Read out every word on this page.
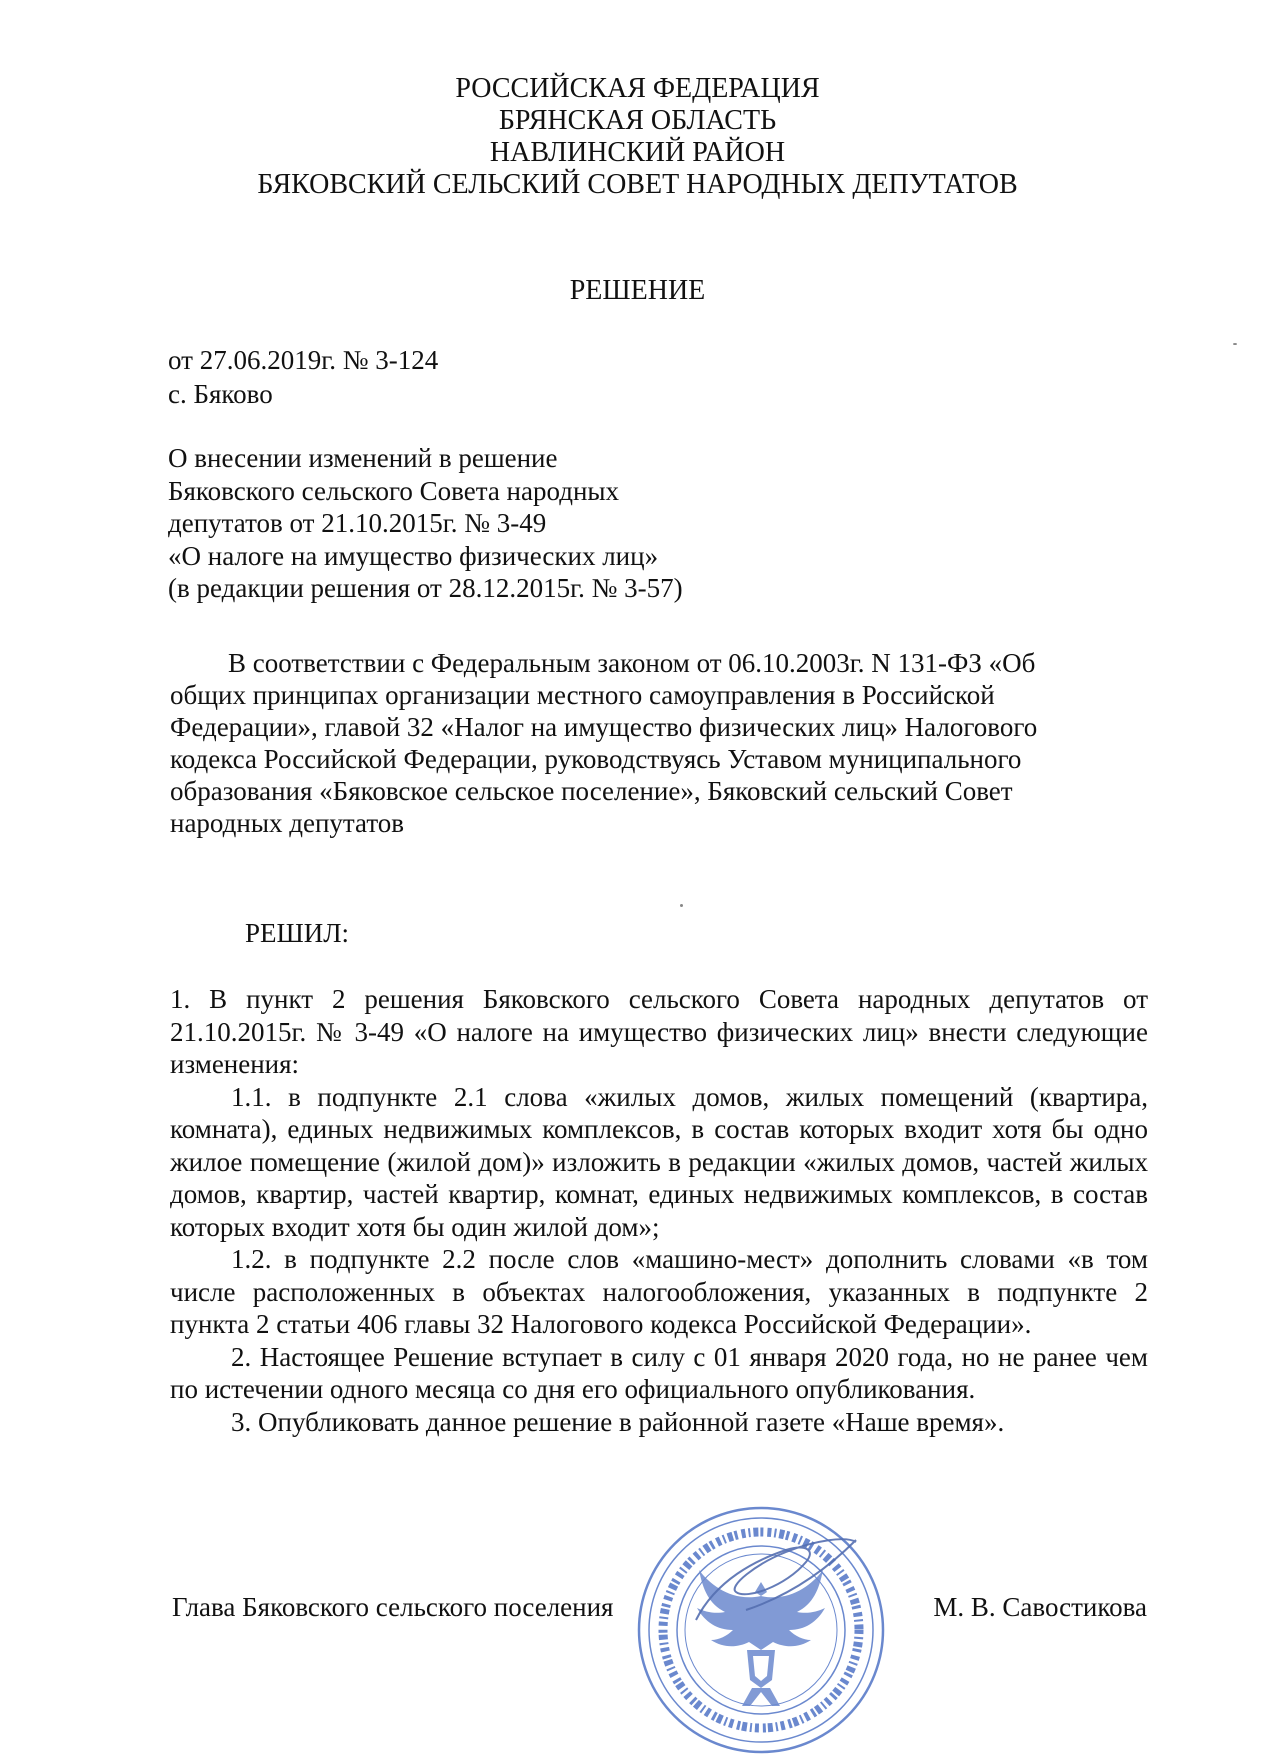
РОССИЙСКАЯ ФЕДЕРАЦИЯ
БРЯНСКАЯ ОБЛАСТЬ
НАВЛИНСКИЙ РАЙОН
БЯКОВСКИЙ СЕЛЬСКИЙ СОВЕТ НАРОДНЫХ ДЕПУТАТОВ
РЕШЕНИЕ
от 27.06.2019г. № 3-124
с. Бяково
О внесении изменений в решение
Бяковского сельского Совета народных
депутатов от 21.10.2015г. № 3-49
«О налоге на имущество физических лиц»
(в редакции решения от 28.12.2015г. № 3-57)
В соответствии с Федеральным законом от 06.10.2003г. N 131-ФЗ «Об общих принципах организации местного самоуправления в Российской Федерации», главой 32 «Налог на имущество физических лиц» Налогового кодекса Российской Федерации, руководствуясь Уставом муниципального образования «Бяковское сельское поселение», Бяковский сельский Совет народных депутатов
РЕШИЛ:

1. В пункт 2 решения Бяковского сельского Совета народных депутатов от 21.10.2015г. № 3-49 «О налоге на имущество физических лиц» внести следующие изменения:

1.1. в подпункте 2.1 слова «жилых домов, жилых помещений (квартира, комната), единых недвижимых комплексов, в состав которых входит хотя бы одно жилое помещение (жилой дом)» изложить в редакции «жилых домов, частей жилых домов, квартир, частей квартир, комнат, единых недвижимых комплексов, в состав которых входит хотя бы один жилой дом»;

1.2. в подпункте 2.2 после слов «машино-мест» дополнить словами «в том числе расположенных в объектах налогообложения, указанных в подпункте 2 пункта 2 статьи 406 главы 32 Налогового кодекса Российской Федерации».

2. Настоящее Решение вступает в силу с 01 января 2020 года, но не ранее чем по истечении одного месяца со дня его официального опубликования.

3. Опубликовать данное решение в районной газете «Наше время».

Глава Бяковского сельского поселения	М. В. Савостикова
